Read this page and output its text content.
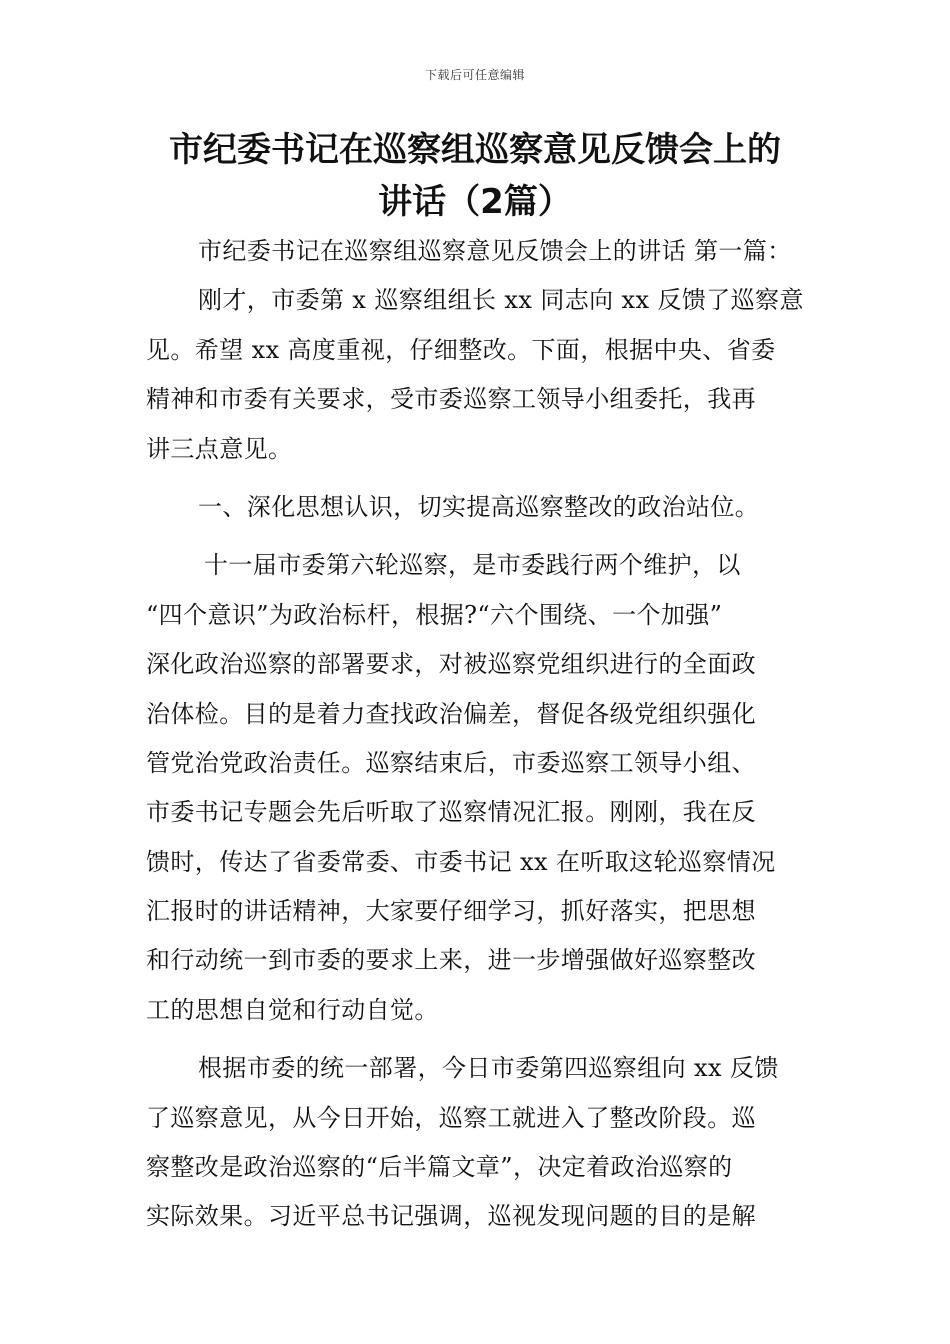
下载后可任意编辑
市纪委书记在巡察组巡察意见反馈会上的
讲话（2篇）
市纪委书记在巡察组巡察意见反馈会上的讲话 第一篇：
刚才，市委第 x 巡察组组长 xx 同志向 xx 反馈了巡察意
见。希望 xx 高度重视，仔细整改。下面，根据中央、省委
精神和市委有关要求，受市委巡察工领导小组委托，我再
讲三点意见。
一、深化思想认识，切实提高巡察整改的政治站位。
十一届市委第六轮巡察，是市委践行两个维护，以
“四个意识”为政治标杆，根据?“六个围绕、一个加强”
深化政治巡察的部署要求，对被巡察党组织进行的全面政
治体检。目的是着力查找政治偏差，督促各级党组织强化
管党治党政治责任。巡察结束后，市委巡察工领导小组、
市委书记专题会先后听取了巡察情况汇报。刚刚，我在反
馈时，传达了省委常委、市委书记 xx 在听取这轮巡察情况
汇报时的讲话精神，大家要仔细学习，抓好落实，把思想
和行动统一到市委的要求上来，进一步增强做好巡察整改
工的思想自觉和行动自觉。
根据市委的统一部署，今日市委第四巡察组向 xx 反馈
了巡察意见，从今日开始，巡察工就进入了整改阶段。巡
察整改是政治巡察的“后半篇文章”，决定着政治巡察的
实际效果。习近平总书记强调，巡视发现问题的目的是解
